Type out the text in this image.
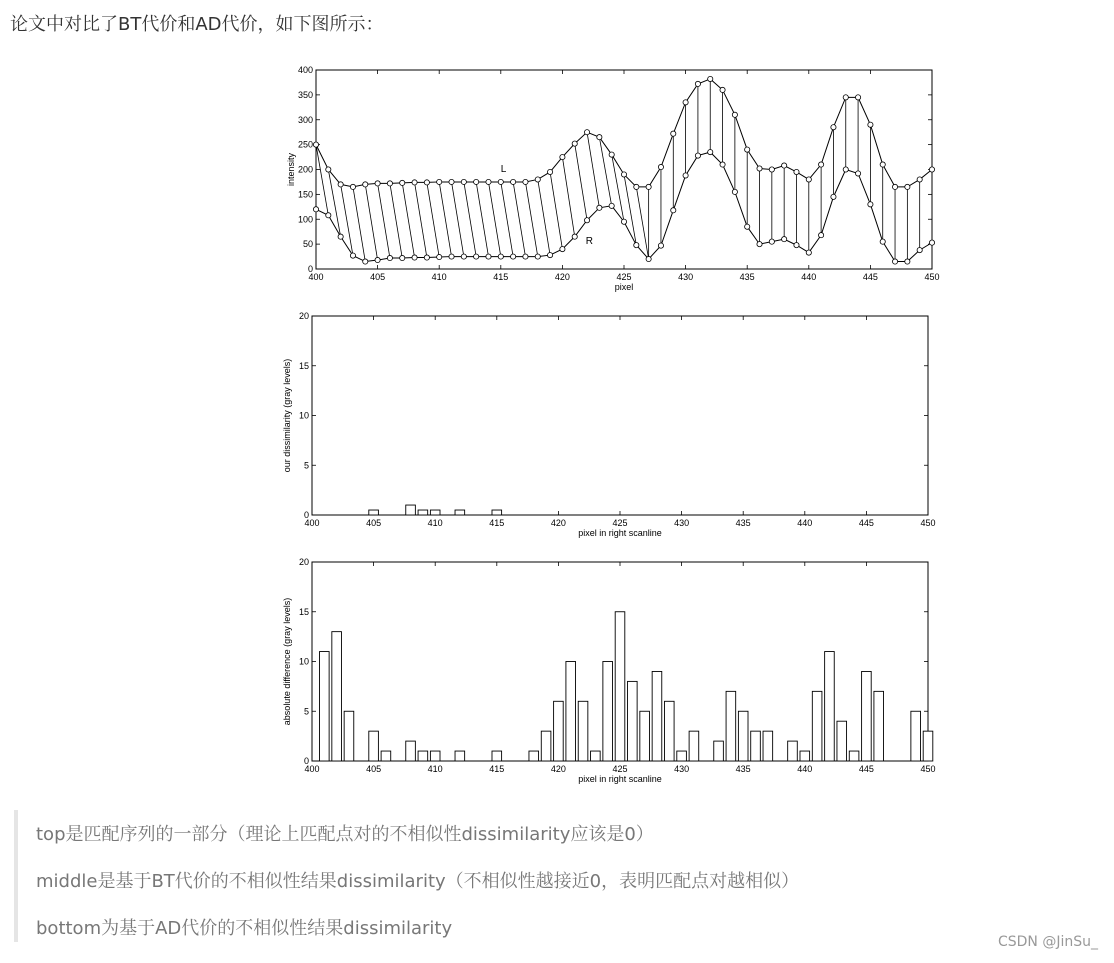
论文中对比了BT代价和AD代价，如下图所示：
400	405	410	415	420	425	430	435	440	445	450
0
50
100
150
200
250
300
350
400
pixel
intensity	L
R
400	405	410	415	420	425	430	435	440	445	450
0
5
10
15
20
pixel in right scanline
our dissimilarity (gray levels)
400	405	410	415	420	425	430	435	440	445	450
0
5
10
15
20
pixel in right scanline
absolute difference (gray levels)
top是匹配序列的一部分（理论上匹配点对的不相似性dissimilarity应该是0）
middle是基于BT代价的不相似性结果dissimilarity（不相似性越接近0，表明匹配点对越相似）
bottom为基于AD代价的不相似性结果dissimilarity
CSDN @JinSu_
